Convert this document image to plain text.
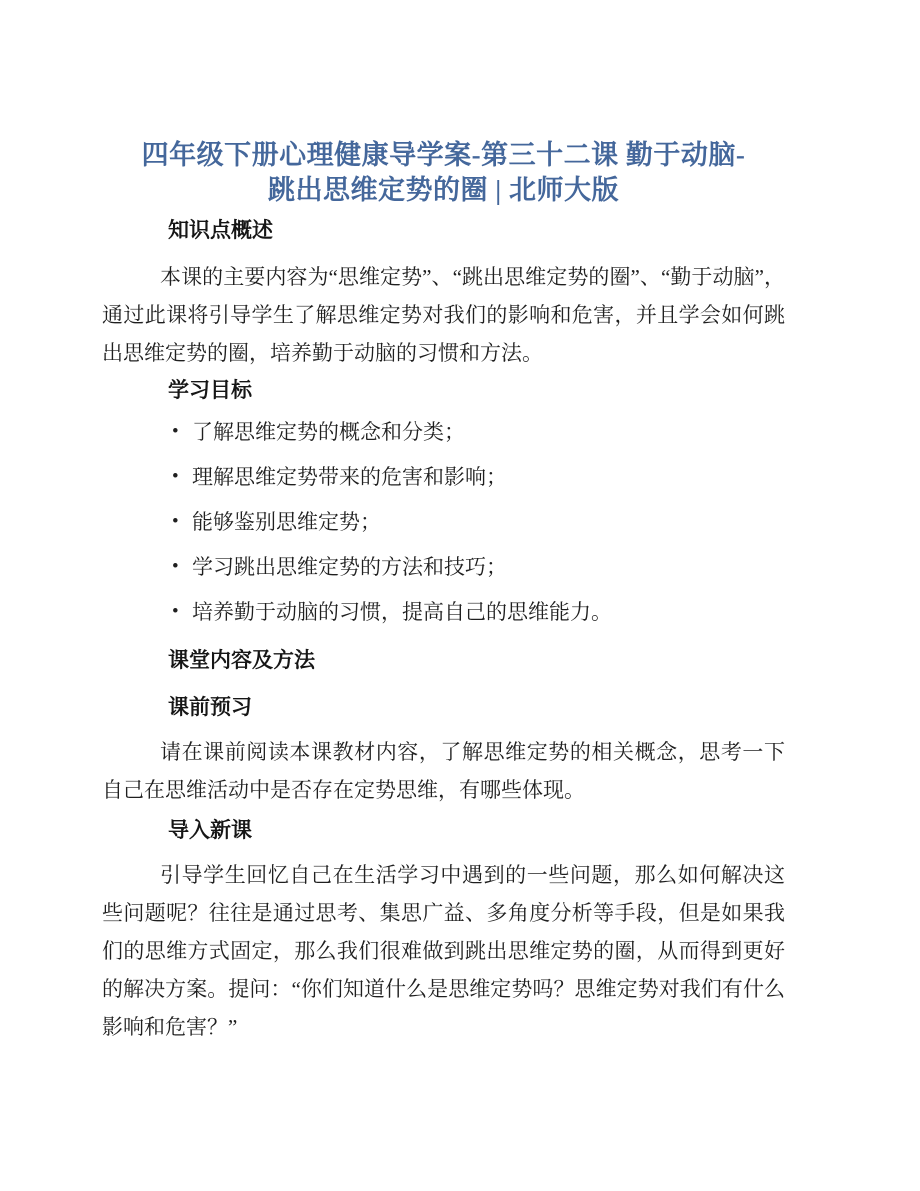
四年级下册心理健康导学案-第三十二课 勤于动脑-
跳出思维定势的圈 | 北师大版
知识点概述

本课的主要内容为“思维定势”、“跳出思维定势的圈”、“勤于动脑”，通过此课将引导学生了解思维定势对我们的影响和危害，并且学会如何跳出思维定势的圈，培养勤于动脑的习惯和方法。

学习目标
• 了解思维定势的概念和分类；
• 理解思维定势带来的危害和影响；
• 能够鉴别思维定势；
• 学习跳出思维定势的方法和技巧；
• 培养勤于动脑的习惯，提高自己的思维能力。
课堂内容及方法
课前预习

请在课前阅读本课教材内容，了解思维定势的相关概念，思考一下自己在思维活动中是否存在定势思维，有哪些体现。

导入新课

引导学生回忆自己在生活学习中遇到的一些问题，那么如何解决这些问题呢？往往是通过思考、集思广益、多角度分析等手段，但是如果我们的思维方式固定，那么我们很难做到跳出思维定势的圈，从而得到更好的解决方案。提问：“你们知道什么是思维定势吗？思维定势对我们有什么影响和危害？”
